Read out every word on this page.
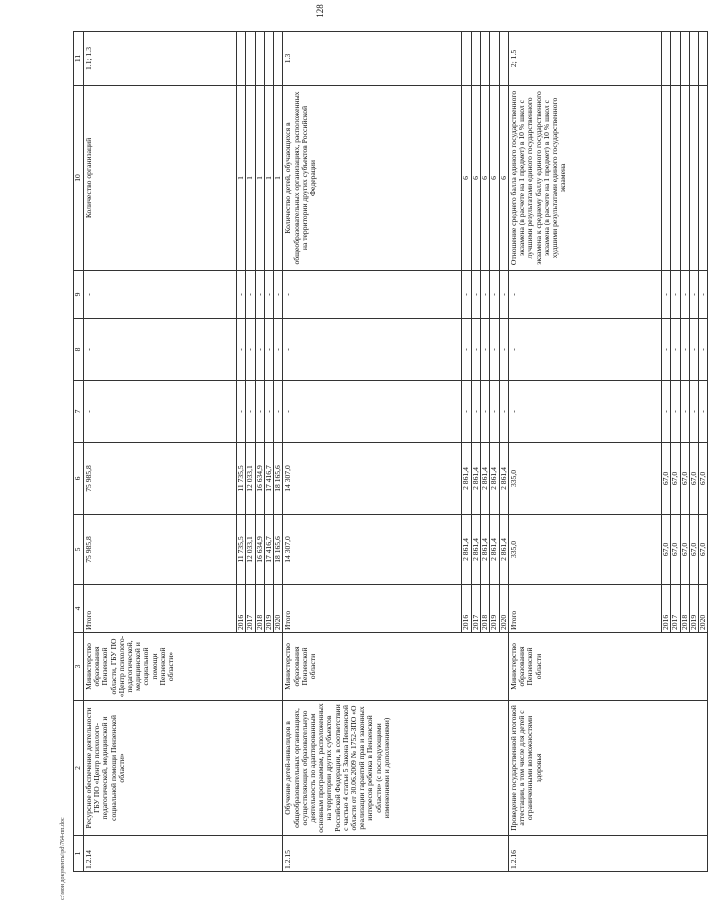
128
c:\мои документы\pd\764-пп.doc 1	2	3	4	5	6	7	8	9	10	11
1.2.14	Ресурсное обеспечение деятельности ГБУ ПО «Центр психолого-педагогической, медицинской и социальной помощи Пензенской области»	Министерство образования Пензенской области, ГБУ ПО «Центр психолого-педагогической, медицинской и социальной помощи Пензенской области»	Итого	75 985,8	75 985,8	-	-	-	Количество организаций	1.1; 1.3
			2016	11 735,5	11 735,5	-	-	-	1	
			2017	12 033,1	12 033,1	-	-	-	1	
			2018	16 634,9	16 634,9	-	-	-	1	
			2019	17 416,7	17 416,7	-	-	-	1	
			2020	18 165,6	18 165,6	-	-	-	1	
1.2.15	Обучение детей-инвалидов в общеобразовательных организациях, осуществляющих образовательную деятельность по адаптированным основным программам, расположенных на территории других субъектов Российской Федерации, в соответствии с частью 4 статьи 5 Закона Пензенской области от 30.06.2009 № 1752-ЗПО «О реализации гарантий прав и законных интересов ребенка в Пензенской области» (с последующими изменениями и дополнениями)	Министерство образования Пензенской области	Итого	14 307,0	14 307,0	-	-	-	Количество детей, обучающихся в общеобразовательных организациях, расположенных на территории других субъектов Российской Федерации	1.3
			2016	2 861,4	2 861,4	-	-	-	6	
			2017	2 861,4	2 861,4	-	-	-	6	
			2018	2 861,4	2 861,4	-	-	-	6	
			2019	2 861,4	2 861,4	-	-	-	6	
			2020	2 861,4	2 861,4	-	-	-	6	
1.2.16	Проведение государственной итоговой аттестации, в том числе для детей с ограниченными возможностями здоровья	Министерство образования Пензенской области	Итого	335,0	335,0	-	-	-	Отношение среднего балла единого государственного экзамена (в расчете на 1 предмет) в 10 % школ с лучшими результатами единого государственного экзамена к среднему баллу единого государственного экзамена (в расчете на 1 предмет) в 10 % школ с худшими результатами единого государственного экзамена	2; 1.5
			2016	67,0	67,0	-	-	-		
			2017	67,0	67,0	-	-	-		
			2018	67,0	67,0	-	-	-		
			2019	67,0	67,0	-	-	-		
			2020	67,0	67,0	-	-	-		
